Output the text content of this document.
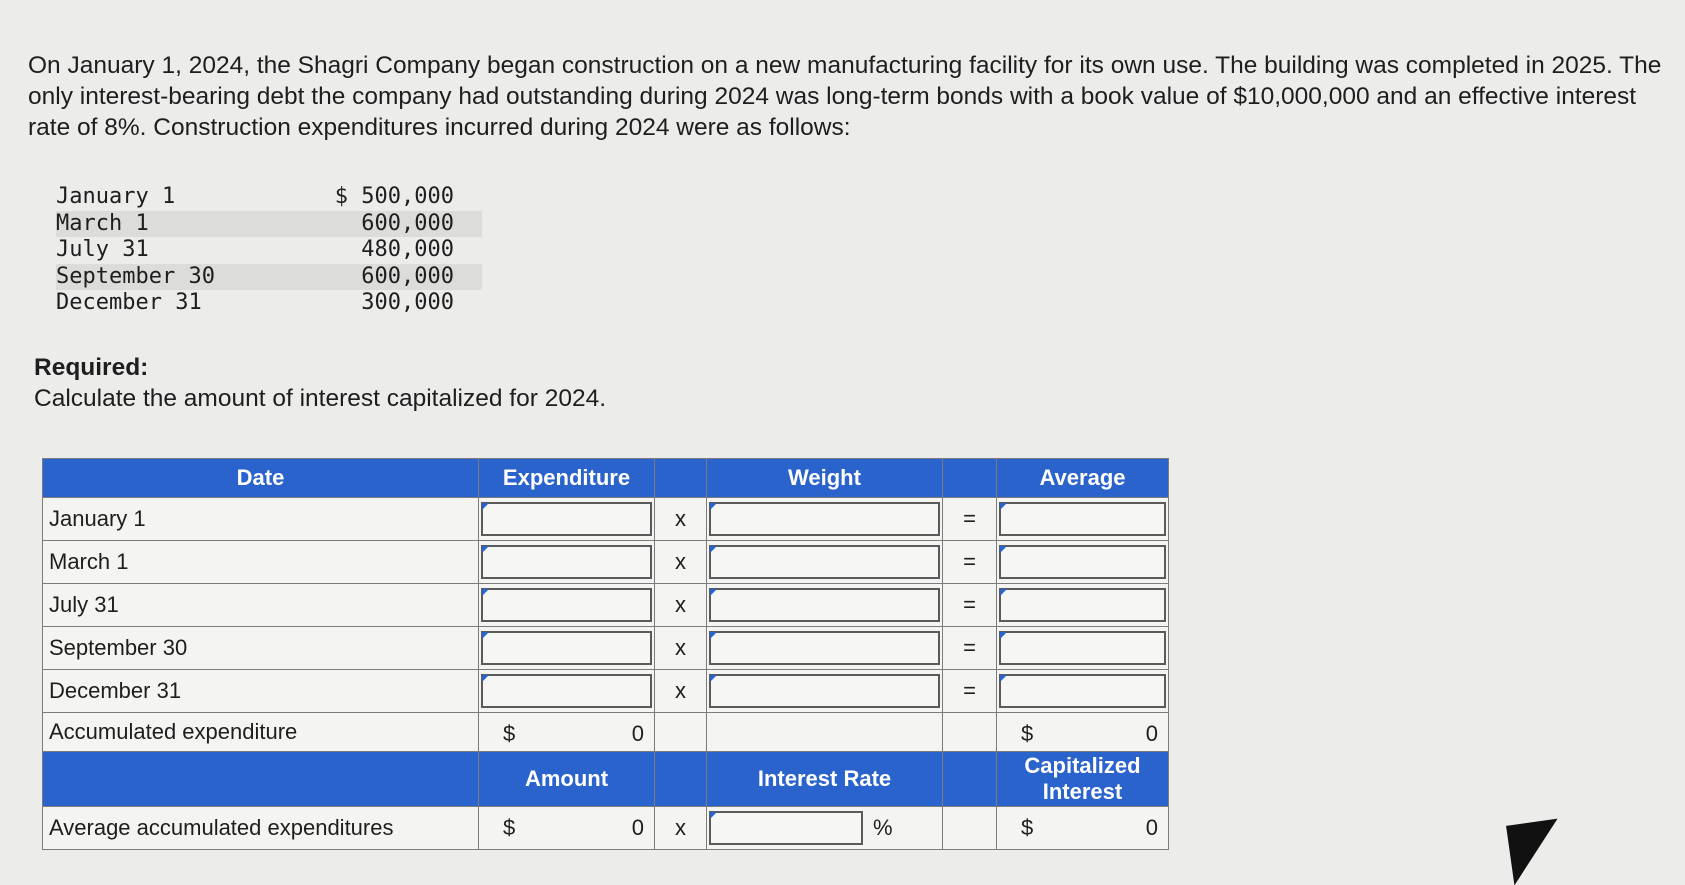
On January 1, 2024, the Shagri Company began construction on a new manufacturing facility for its own use. The building was completed in 2025. The only interest-bearing debt the company had outstanding during 2024 was long-term bonds with a book value of $10,000,000 and an effective interest rate of 8%. Construction expenditures incurred during 2024 were as follows:

January 1	$ 500,000
March 1	600,000
July 31	480,000
September 30	600,000
December 31	300,000
Required:
Calculate the amount of interest capitalized for 2024.
Date	Expenditure		Weight		Average
January 1		x		=	

March 1		x		=	

July 31		x		=	

September 30		x		=	

December 31		x		=	

Accumulated expenditure	$ 0				$ 0

	Amount		Interest Rate		Capitalized Interest
Average accumulated expenditures	$ 0	x	%		$ 0
